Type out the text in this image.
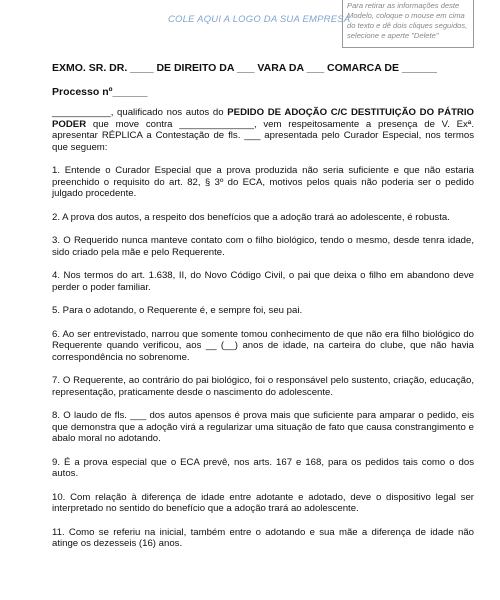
COLE AQUI A LOGO DA SUA EMPRESA
Para retirar as informações deste Modelo, coloque o mouse em cima do texto e dê dois cliques seguidos, selecione e aperte "Delete"
EXMO. SR. DR. ____ DE DIREITO DA ___ VARA DA ___ COMARCA DE ______
Processo nº______

___________, qualificado nos autos do PEDIDO DE ADOÇÃO C/C DESTITUIÇÃO DO PÁTRIO PODER que move contra ______________, vem respeitosamente a presença de V. Exª. apresentar RÉPLICA a Contestação de fls. ___ apresentada pelo Curador Especial, nos termos que seguem:

1. Entende o Curador Especial que a prova produzida não seria suficiente e que não estaria preenchido o requisito do art. 82, § 3º do ECA, motivos pelos quais não poderia ser o pedido julgado procedente.

2. A prova dos autos, a respeito dos benefícios que a adoção trará ao adolescente, é robusta.

3. O Requerido nunca manteve contato com o filho biológico, tendo o mesmo, desde tenra idade, sido criado pela mãe e pelo Requerente.

4. Nos termos do art. 1.638, II, do Novo Código Civil, o pai que deixa o filho em abandono deve perder o poder familiar.

5. Para o adotando, o Requerente é, e sempre foi, seu pai.

6. Ao ser entrevistado, narrou que somente tomou conhecimento de que não era filho biológico do Requerente quando verificou, aos __ (__) anos de idade, na carteira do clube, que não havia correspondência no sobrenome.

7. O Requerente, ao contrário do pai biológico, foi o responsável pelo sustento, criação, educação, representação, praticamente desde o nascimento do adolescente.

8. O laudo de fls. ___ dos autos apensos é prova mais que suficiente para amparar o pedido, eis que demonstra que a adoção virá a regularizar uma situação de fato que causa constrangimento e abalo moral no adotando.

9. É a prova especial que o ECA prevê, nos arts. 167 e 168, para os pedidos tais como o dos autos.

10. Com relação à diferença de idade entre adotante e adotado, deve o dispositivo legal ser interpretado no sentido do benefício que a adoção trará ao adolescente.

11. Como se referiu na inicial, também entre o adotando e sua mãe a diferença de idade não atinge os dezesseis (16) anos.
